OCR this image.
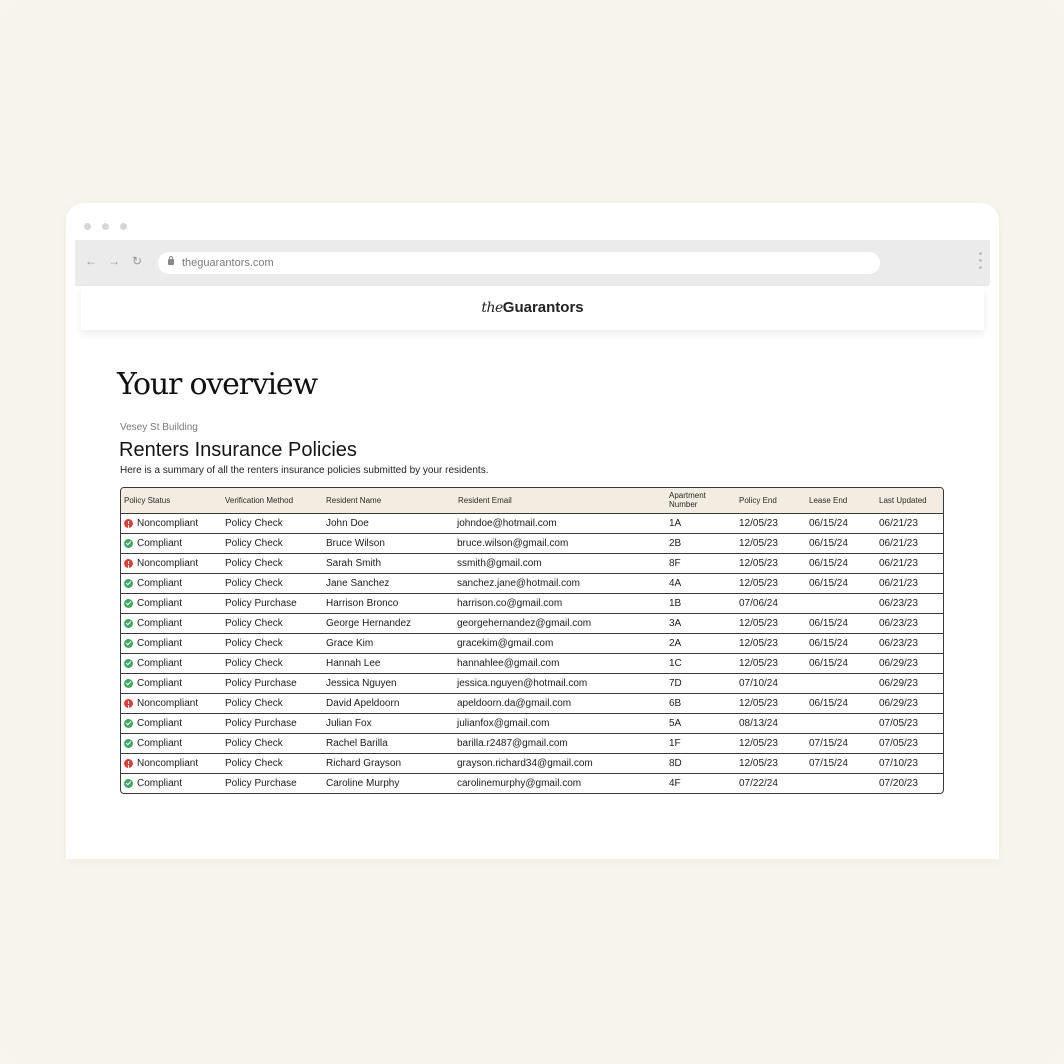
← → ↻	theguarantors.com
theGuarantors
Your overview
Vesey St Building
Renters Insurance Policies
Here is a summary of all the renters insurance policies submitted by your residents.
Policy Status	Verification Method	Resident Name	Resident Email	Apartment Number	Policy End	Lease End	Last Updated

Noncompliant	Policy Check	John Doe	johndoe@hotmail.com	1A	12/05/23	06/15/24	06/21/23

Compliant	Policy Check	Bruce Wilson	bruce.wilson@gmail.com	2B	12/05/23	06/15/24	06/21/23

Noncompliant	Policy Check	Sarah Smith	ssmith@gmail.com	8F	12/05/23	06/15/24	06/21/23

Compliant	Policy Check	Jane Sanchez	sanchez.jane@hotmail.com	4A	12/05/23	06/15/24	06/21/23

Compliant	Policy Purchase	Harrison Bronco	harrison.co@gmail.com	1B	07/06/24		06/23/23

Compliant	Policy Check	George Hernandez	georgehernandez@gmail.com	3A	12/05/23	06/15/24	06/23/23

Compliant	Policy Check	Grace Kim	gracekim@gmail.com	2A	12/05/23	06/15/24	06/23/23

Compliant	Policy Check	Hannah Lee	hannahlee@gmail.com	1C	12/05/23	06/15/24	06/29/23

Compliant	Policy Purchase	Jessica Nguyen	jessica.nguyen@hotmail.com	7D	07/10/24		06/29/23

Noncompliant	Policy Check	David Apeldoorn	apeldoorn.da@gmail.com	6B	12/05/23	06/15/24	06/29/23

Compliant	Policy Purchase	Julian Fox	julianfox@gmail.com	5A	08/13/24		07/05/23

Compliant	Policy Check	Rachel Barilla	barilla.r2487@gmail.com	1F	12/05/23	07/15/24	07/05/23

Noncompliant	Policy Check	Richard Grayson	grayson.richard34@gmail.com	8D	12/05/23	07/15/24	07/10/23

Compliant	Policy Purchase	Caroline Murphy	carolinemurphy@gmail.com	4F	07/22/24		07/20/23
